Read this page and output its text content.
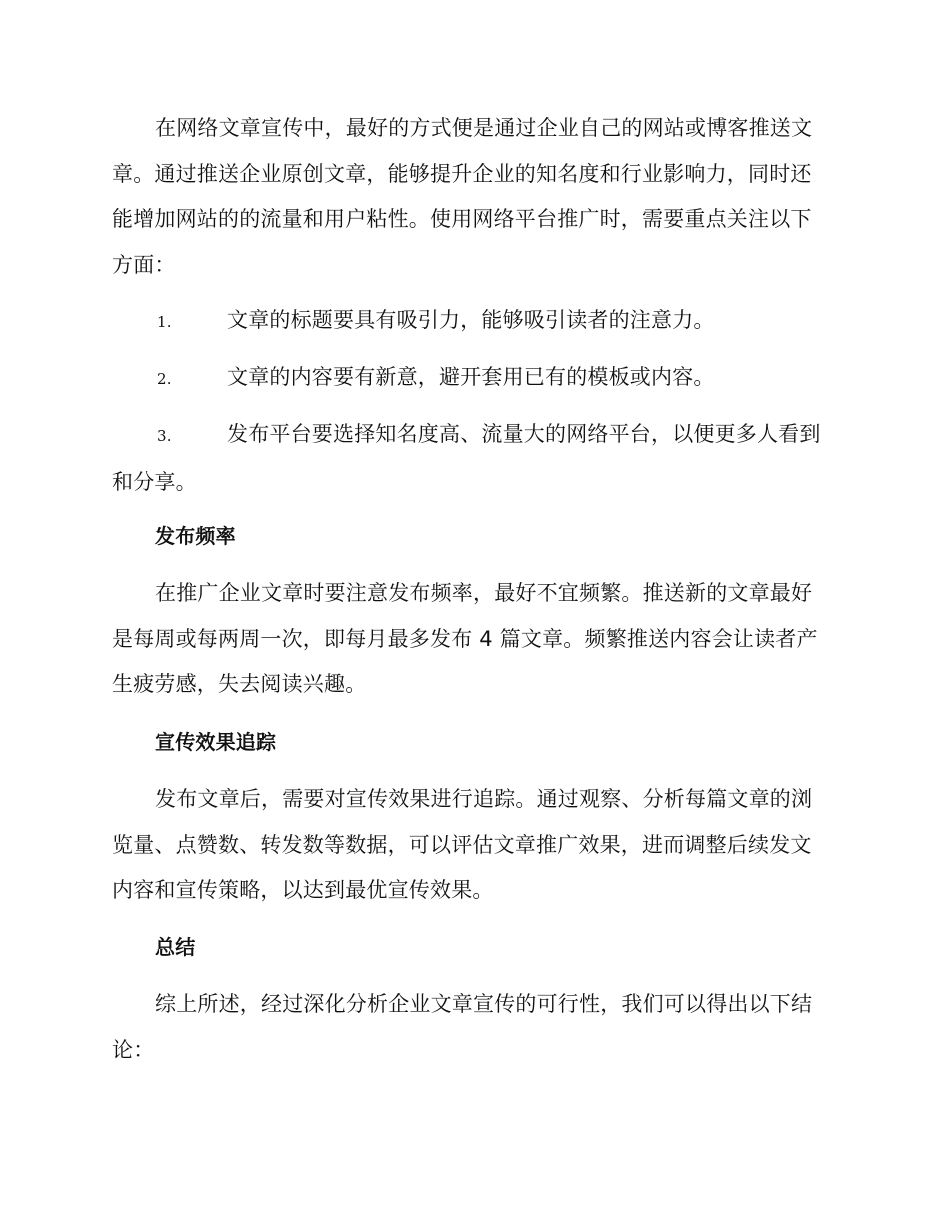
在网络文章宣传中，最好的方式便是通过企业自己的网站或博客推送文章。通过推送企业原创文章，能够提升企业的知名度和行业影响力，同时还能增加网站的的流量和用户粘性。使用网络平台推广时，需要重点关注以下方面：

1.	文章的标题要具有吸引力，能够吸引读者的注意力。

2.	文章的内容要有新意，避开套用已有的模板或内容。

3.	发布平台要选择知名度高、流量大的网络平台，以便更多人看到和分享。

发布频率

在推广企业文章时要注意发布频率，最好不宜频繁。推送新的文章最好是每周或每两周一次，即每月最多发布 4 篇文章。频繁推送内容会让读者产生疲劳感，失去阅读兴趣。

宣传效果追踪

发布文章后，需要对宣传效果进行追踪。通过观察、分析每篇文章的浏览量、点赞数、转发数等数据，可以评估文章推广效果，进而调整后续发文内容和宣传策略，以达到最优宣传效果。

总结

综上所述，经过深化分析企业文章宣传的可行性，我们可以得出以下结论：
